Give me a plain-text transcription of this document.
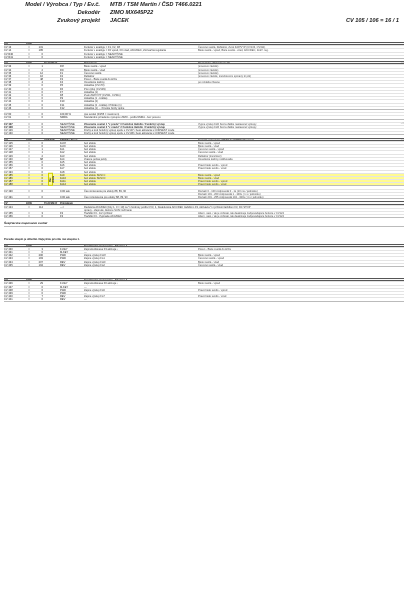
Model / Výrobca / Typ / Ev.č.	MTB / TSM Martin / ČSD T466.0221
Dekodér	ZIMO MX645P22
Zvukový projekt	JACEK	CV 105 / 106 = 16 / 1
CV 13	=	131	Funkcie v analógu = F1, F2, F8	Červené svetlá, Reflektor, Zvuk ZAP/VYP (CV133, CV311)
CV 14	=	195	Funkcie v analógu = F0 vpred, F0 vzad, AKC/DEC, Zotrvačná regulácia	Biele svetlá - vpred, Biele svetlá - vzad, AKC/DEC, Zotrž. reg.
CV R40	=	0	Funkcie v analógu = NEAKTÍVNE
CV R41	=	0	Funkcie v analógu = NEAKTÍVNE
CV 33	=	1	F0f	Biele svetlá - vpred	(smerovo závislé)
CV 34	=	2	F0r	Biele svetlá - vzad	(smerovo závislé)
CV 35	=	12	F1	Červené svetlá	(smerovo závislé)
CV 36	=	16	F2	Reflektor	(smerovo závislé, tranzistorom spínaný tri pól)
CV 37	=	48	F3	Posun - Biele svetlá do kríža
CV 38	=	4	F4	Osvetlenie kabíny	po rozdelia zhasne
CV 39	=	0	F5	Húkačka (CV170)
CV 40	=	0	F6	Píst výboj (CV139)
CV 41	=	0	F7	Húkačka (1)
CV 42	=	0	F8	Zvuk ZAP/VYP (CV311, CV311)
CV 43	=	0	F9	Húkačka (1 - krátka)
CV 44	=	0	F10	Húkačka (2)
CV 45	=	0	F11	Húkačka (2 - krátka) / Píšťalo (1)
CV 46	=	0	F12	Húkačka (1) ... Povolte brzdy úplne
-->
CV 60	=	0	100,00 %	Jas svetiel (0/255 = maximum)
CV 61	=	0	NMRA	Štandardné priradenie výstupov ZIMO - podľa NMRA - bez posunu
CV 107	=	0	NEAKTÍVNE	Zhasnutie svetiel 1 "z predu" // Funkčné tlačidlo / Funkčný výstup	Vypne výstup FoD Ked a ďalšie nastavené výstupy
CV 108	=	0	NEAKTÍVNE	Zhasnutie svetiel 2 "z vzadu" // Funkčné tlačidlo / Funkčný výstup	Vypne výstup FoR Ked a ďalšie nastavené výstupy
CV 129	=	0	NEAKTÍVNE	Druhý a tretí funkčný výstup spolu s CV107 / Auto aktivácia s CORSEST mode
CV 130	=	0	NEAKTÍVNE	Druhý a tretí funkčný výstup spolu s CV108 / Auto aktivácia s CORSEST mode
-->
CV 125	=	0	FoOf	bez efektu	Biele svetlá - vpred
CV 126	=	0	FoOr	bez efektu	Biele svetlá - vzad
CV 127	=	1	Fo1	bez efektu	Červené svetlá - vpred
CV 128	=	1	Fo2	bez efektu	Červené svetlá - vzad
CV 129	=	2	Fo3	bez efektu	Reflektor (tranzistor)
CV 130	=	68	Fo4	zhasne počas jazdy	Osvetlenie kabíny rušiťkovalia
CV 155	=	0	Fo5	bez efektu
CV 156	=	0	Fo6	bez efektu	Pravé biele svetlo - vpred
CV 157	=	0	Fo7	bez efektu	Pravé biele svetlo - vzad
CV 193	=	0	Fo8	bez efektu
CV 185	=	0	Fo9	bez efektu SUSI C	Biele svetlá - vpred
CV 186	=	0	Fo10	bez efektu SUSI D	Biele svetlá - vzad
CV 187	=	0	Fo11	bez efektu	Pravé biele svetlo - vpred
CV 188	=	0	Fo12	bez efektu	Pravé biele svetlo - vzad
-->
Bez efektu
CV 190	=	0	0.00 sek	Čas stmievania pre efekty 88, 89, 90	Rozsah 0 - 100 zodpovedá 0 - 1s (10 ms / jednotku)
Rozsah 101 - 200 zodpovedá 1 - 100s ( 1 s / jednotku)
CV 191	=	0	0.00 sek	Čas rozsvietenia pre efekty 88, 89, 90	Rozsah 201 - 255 zodpovedá 104 - 320s ( 4 s / jednotku)
CV 124	=	114	--->	Redukcia AKC/DEC [bity 1, 0 = 10] na ½ hodnoty podľa CV3, 4, Deaktivácia AKC/DEC tlačidlom F3, Aktivácia ½ rýchlosti tlačidlom F3, DC STOP
úpravy - Zapnuté, Aktívne SUSI rozhranie
CV 155	=	3	F3	Tlačidlo F3 - 1/2 rýchlosť	Altern. nast. / ak je zobraté, tak deaktivuje zodpovedajúce funkcie v CV124
CV 156	=	0	F3	Tlačidlo F3 - Vypínaše AKC/DEC	Altern. nast. / ak je zobraté, tak deaktivuje zodpovedajúce funkcie v CV124
Švajčiarske mapovanie svetiel
Poradie skupín je dôležité. Najvyššiu prioritu má skupina 1.
CV 430	=	3	F-KEY	Zapnutá klávesa F3 aktivuje ↓	Posun - Biele svetlá do kríža
CV 431	=	0	M-KEY	---
CV 432	=	206	FWD	Zapne výstup Fo0f	Biele svetlá - vpred
CV 433	=	193	FWD	Zapne výstup Fo1	Červené svetlá - vpred
CV 434	=	207	REV	Zapne výstup Fo0r	Biele svetlá - vzad
CV 435	=	194	REV	Zapne výstup Fo2	Červené svetlá - vzad
CV 436	=	29	F-KEY	Zapnutá klávesa F0 aktivuje ↓	Biele svetlá - vpred
CV 437	=	0	M-KEY	---
CV 438	=	6	FWD	Zapne výstup Fo6	Pravé biele svetlo - vpred
CV 439	=	0	FWD	---
CV 440	=	7	REV	Zapne výstup Fo7	Pravé biele svetlo - vzad
CV 441	=	0	REV	---
